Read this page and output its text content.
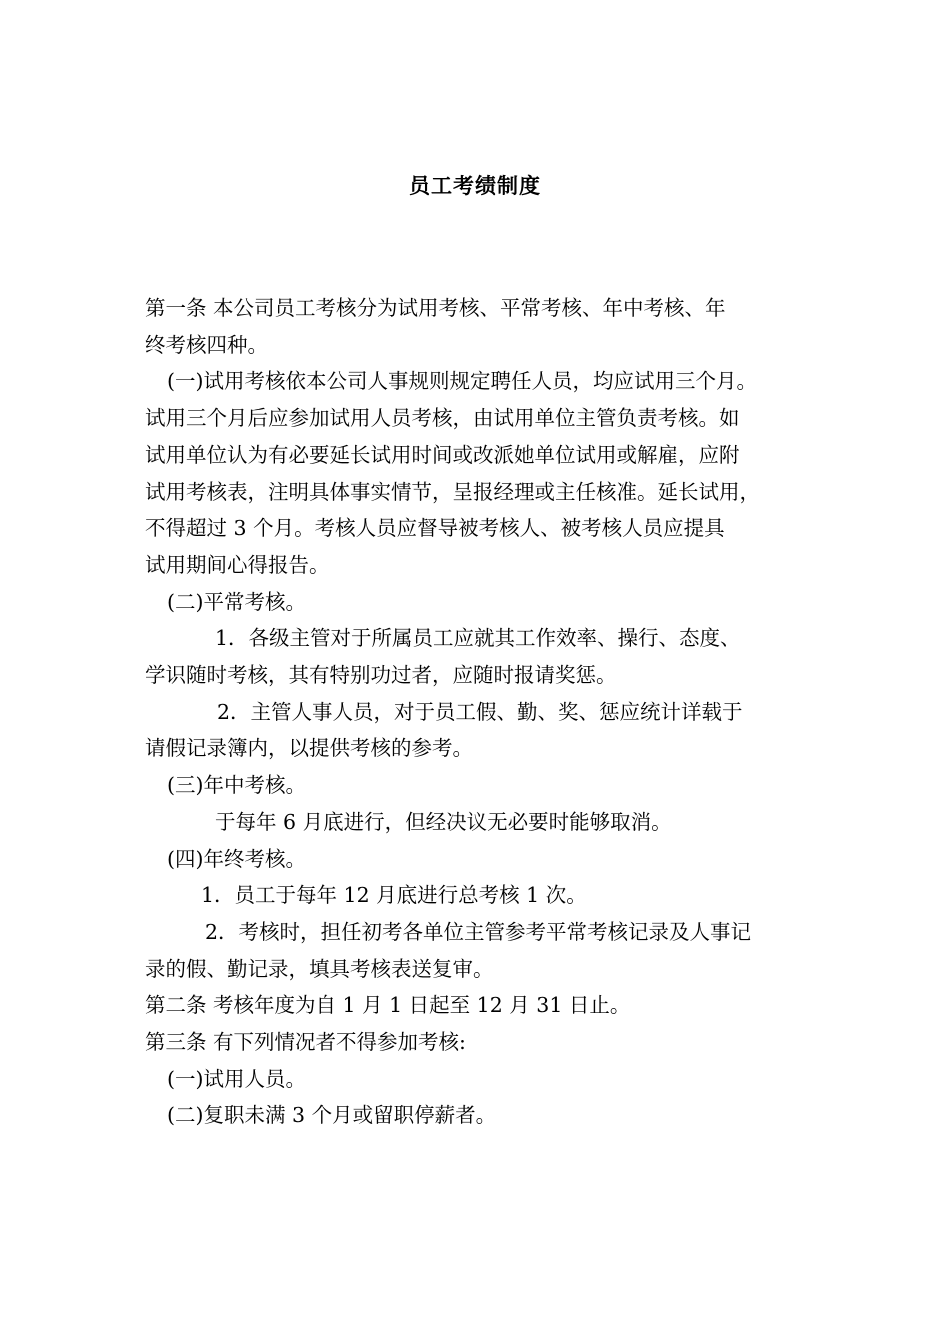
员工考绩制度

第一条 本公司员工考核分为试用考核、平常考核、年中考核、年

终考核四种。

(一)试用考核依本公司人事规则规定聘任人员，均应试用三个月。

试用三个月后应参加试用人员考核，由试用单位主管负责考核。如

试用单位认为有必要延长试用时间或改派她单位试用或解雇，应附

试用考核表，注明具体事实情节，呈报经理或主任核准。延长试用，

不得超过 3 个月。考核人员应督导被考核人、被考核人员应提具

试用期间心得报告。

(二)平常考核。

1．各级主管对于所属员工应就其工作效率、操行、态度、

学识随时考核，其有特别功过者，应随时报请奖惩。

2．主管人事人员，对于员工假、勤、奖、惩应统计详载于

请假记录簿内，以提供考核的参考。

(三)年中考核。

于每年 6 月底进行，但经决议无必要时能够取消。

(四)年终考核。

1．员工于每年 12 月底进行总考核 1 次。

2．考核时，担任初考各单位主管参考平常考核记录及人事记

录的假、勤记录，填具考核表送复审。

第二条 考核年度为自 1 月 1 日起至 12 月 31 日止。

第三条 有下列情况者不得参加考核:

(一)试用人员。

(二)复职未满 3 个月或留职停薪者。
